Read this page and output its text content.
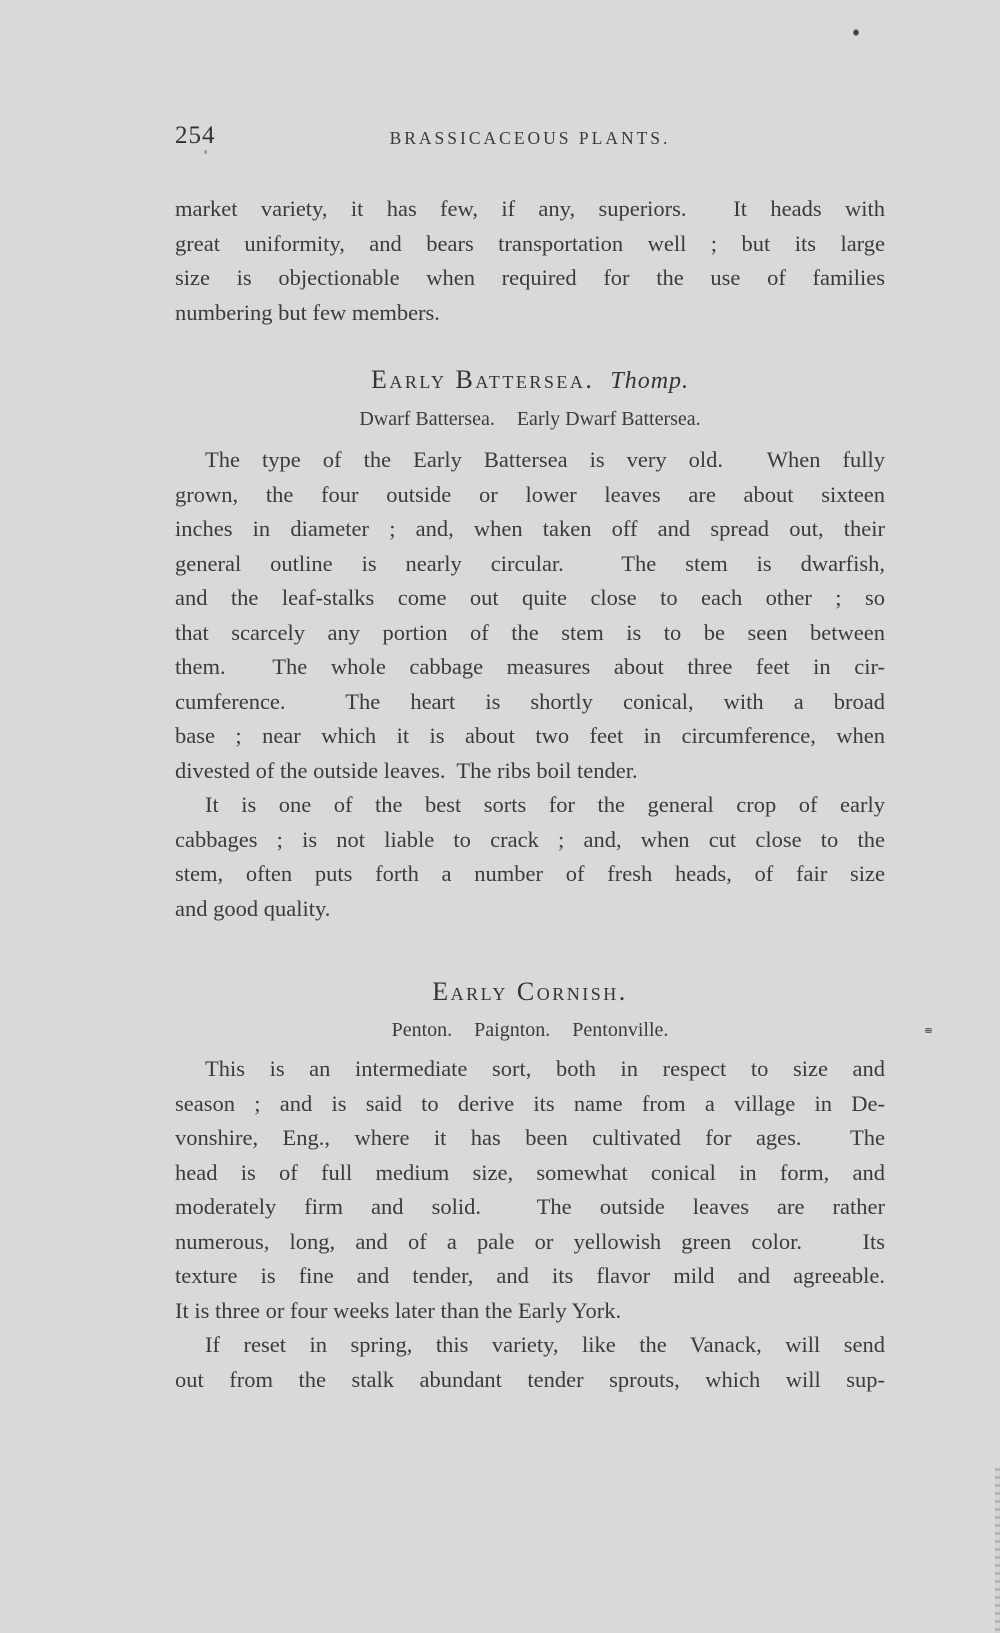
254	BRASSICACEOUS PLANTS.
market variety, it has few, if any, superiors.  It heads with
great uniformity, and bears transportation well ; but its large
size is objectionable when required for the use of families
numbering but few members.
Early Battersea. Thomp.
Dwarf Battersea. Early Dwarf Battersea.
The type of the Early Battersea is very old.  When fully
grown, the four outside or lower leaves are about sixteen
inches in diameter ; and, when taken off and spread out, their
general outline is nearly circular.  The stem is dwarfish,
and the leaf-stalks come out quite close to each other ; so
that scarcely any portion of the stem is to be seen between
them.  The whole cabbage measures about three feet in cir-
cumference.  The heart is shortly conical, with a broad
base ; near which it is about two feet in circumference, when
divested of the outside leaves.  The ribs boil tender.
It is one of the best sorts for the general crop of early
cabbages ; is not liable to crack ; and, when cut close to the
stem, often puts forth a number of fresh heads, of fair size
and good quality.
Early Cornish.
Penton. Paignton. Pentonville.
This is an intermediate sort, both in respect to size and
season ; and is said to derive its name from a village in De-
vonshire, Eng., where it has been cultivated for ages.  The
head is of full medium size, somewhat conical in form, and
moderately firm and solid.  The outside leaves are rather
numerous, long, and of a pale or yellowish green color.   Its
texture is fine and tender, and its flavor mild and agreeable.
It is three or four weeks later than the Early York.
If reset in spring, this variety, like the Vanack, will send
out from the stalk abundant tender sprouts, which will sup-
